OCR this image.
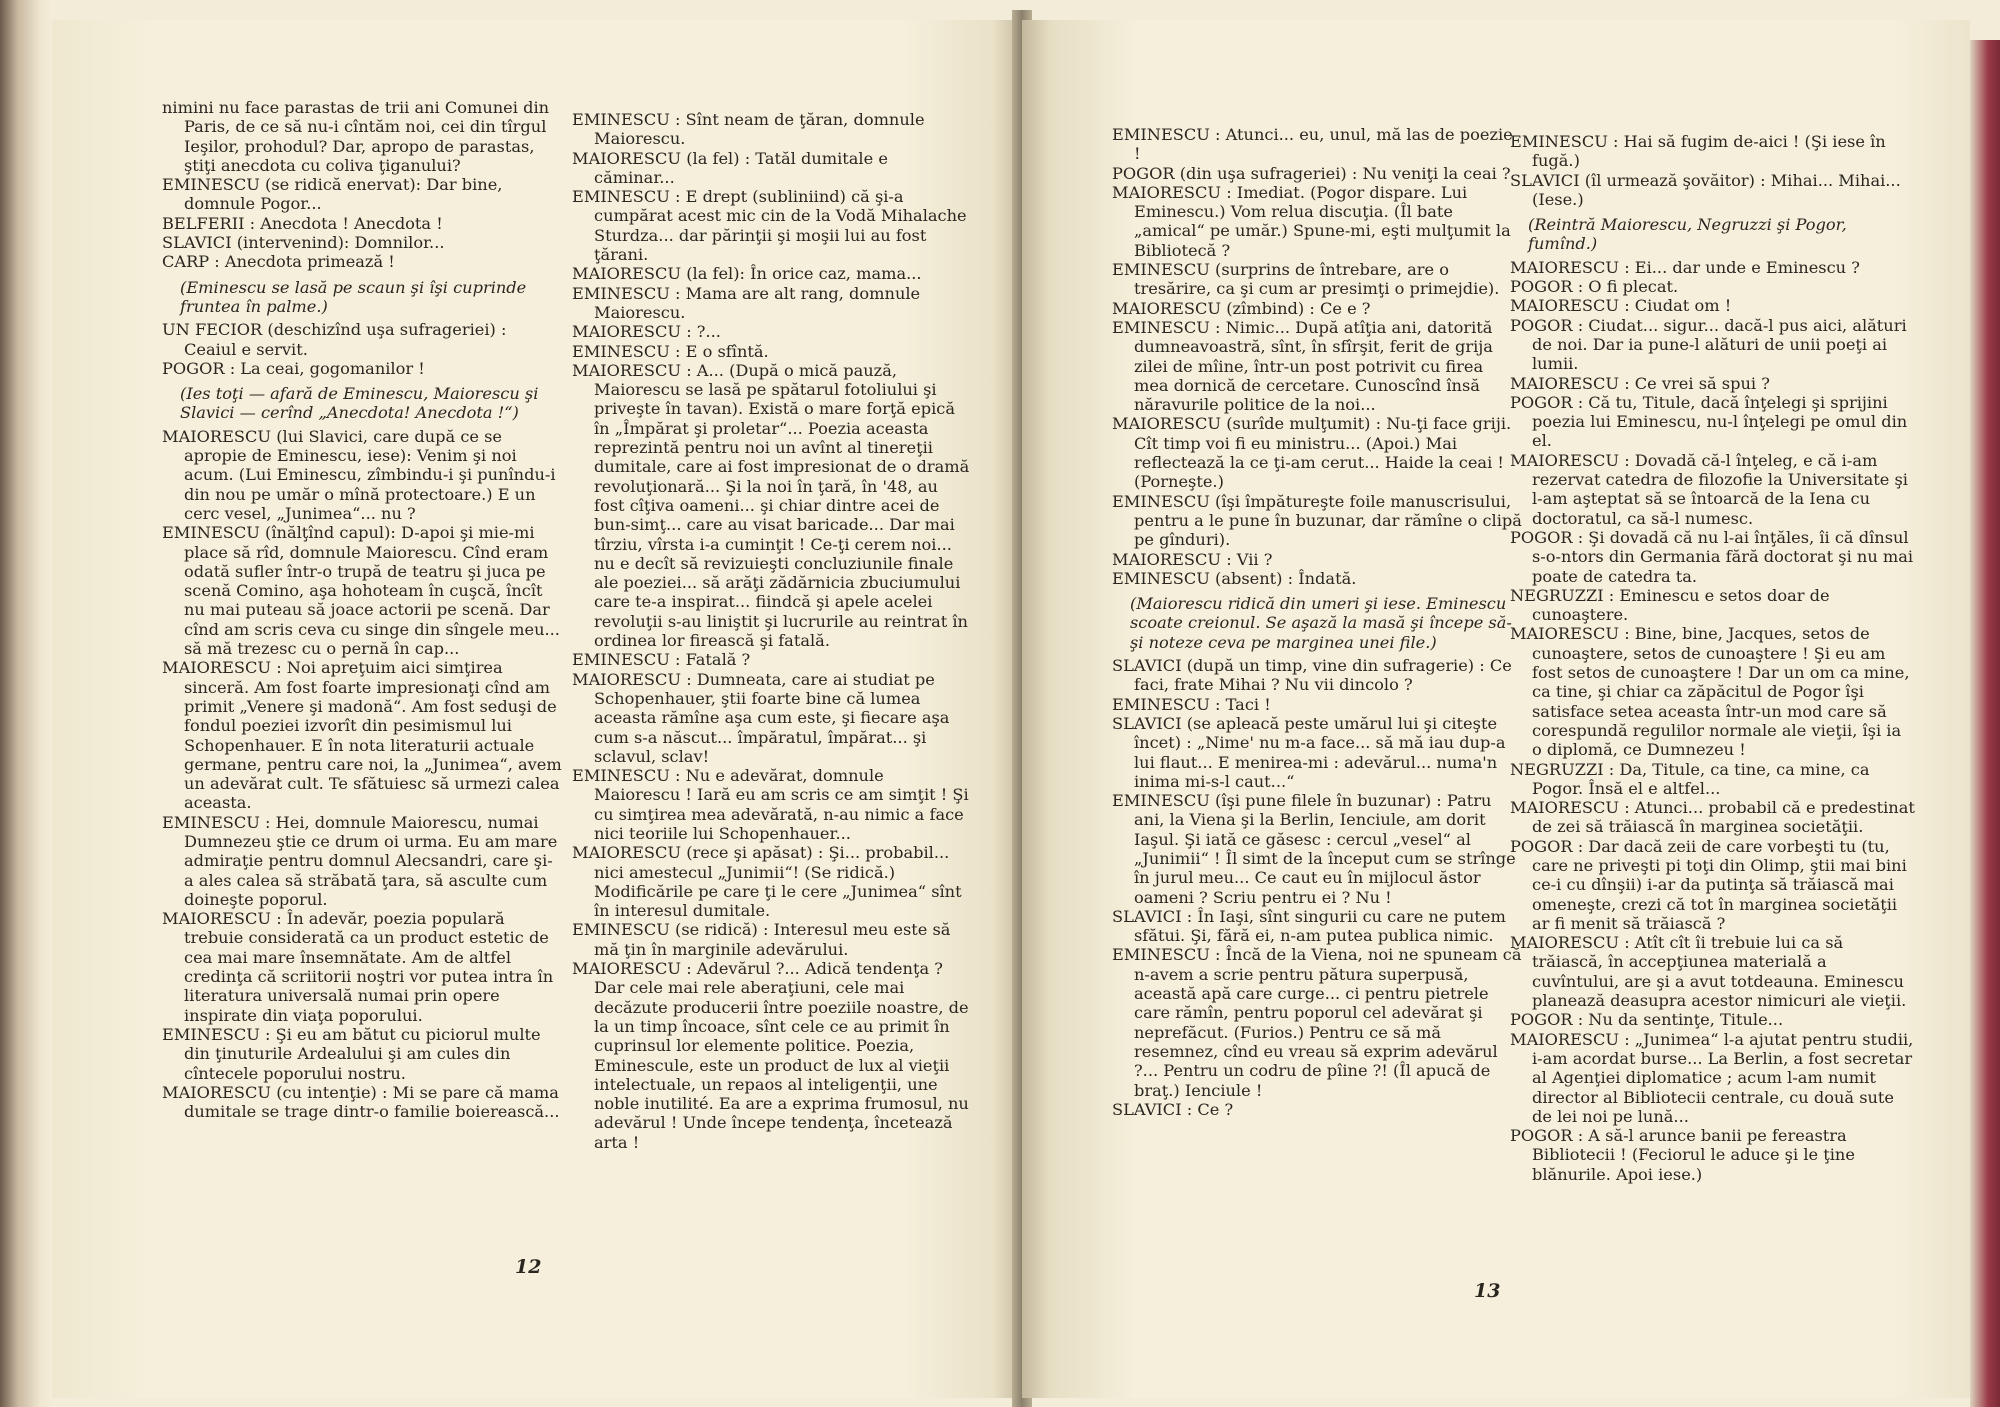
nimini nu face parastas de trii ani Comunei din Paris, de ce să nu-i cîntăm noi, cei din tîrgul Ieşilor, prohodul? Dar, apropo de parastas, ştiţi anecdota cu coliva ţiganului?

EMINESCU (se ridică enervat): Dar bine, domnule Pogor...

BELFERII : Anecdota ! Anecdota !

SLAVICI (intervenind): Domnilor...

CARP : Anecdota primează !

(Eminescu se lasă pe scaun şi îşi cuprinde fruntea în palme.)

UN FECIOR (deschizînd uşa sufrageriei) : Ceaiul e servit.

POGOR : La ceai, gogomanilor !

(Ies toţi — afară de Eminescu, Maiorescu şi Slavici — cerînd „Anecdota! Anecdota !“)

MAIORESCU (lui Slavici, care după ce se apropie de Eminescu, iese): Venim şi noi acum. (Lui Eminescu, zîmbindu-i şi punîndu-i din nou pe umăr o mînă protectoare.) E un cerc vesel, „Junimea“... nu ?

EMINESCU (înălţînd capul): D-apoi şi mie-mi place să rîd, domnule Maiorescu. Cînd eram odată sufler într-o trupă de teatru şi juca pe scenă Comino, aşa hohoteam în cuşcă, încît nu mai puteau să joace actorii pe scenă. Dar cînd am scris ceva cu singe din sîngele meu... să mă trezesc cu o pernă în cap...

MAIORESCU : Noi apreţuim aici simţirea sinceră. Am fost foarte impresionaţi cînd am primit „Venere şi madonă“. Am fost seduşi de fondul poeziei izvorît din pesimismul lui Schopenhauer. E în nota literaturii actuale germane, pentru care noi, la „Junimea“, avem un adevărat cult. Te sfătuiesc să urmezi calea aceasta.

EMINESCU : Hei, domnule Maiorescu, numai Dumnezeu ştie ce drum oi urma. Eu am mare admiraţie pentru domnul Alecsandri, care şi-a ales calea să străbată ţara, să asculte cum doineşte poporul.

MAIORESCU : În adevăr, poezia populară trebuie considerată ca un product estetic de cea mai mare însemnătate. Am de altfel credinţa că scriitorii noştri vor putea intra în literatura universală numai prin opere inspirate din viaţa poporului.

EMINESCU : Şi eu am bătut cu piciorul multe din ţinuturile Ardealului şi am cules din cîntecele poporului nostru.

MAIORESCU (cu intenţie) : Mi se pare că mama dumitale se trage dintr-o familie boierească...

EMINESCU : Sînt neam de ţăran, domnule Maiorescu.

MAIORESCU (la fel) : Tatăl dumitale e căminar...

EMINESCU : E drept (subliniind) că şi-a cumpărat acest mic cin de la Vodă Mihalache Sturdza... dar părinţii şi moşii lui au fost ţărani.

MAIORESCU (la fel): În orice caz, mama...

EMINESCU : Mama are alt rang, domnule Maiorescu.

MAIORESCU : ?...

EMINESCU : E o sfîntă.

MAIORESCU : A... (După o mică pauză, Maiorescu se lasă pe spătarul fotoliului şi priveşte în tavan). Există o mare forţă epică în „Împărat şi proletar“... Poezia aceasta reprezintă pentru noi un avînt al tinereţii dumitale, care ai fost impresionat de o dramă revoluţionară... Şi la noi în ţară, în '48, au fost cîţiva oameni... şi chiar dintre acei de bun-simţ... care au visat baricade... Dar mai tîrziu, vîrsta i-a cuminţit ! Ce-ţi cerem noi... nu e decît să revizuieşti concluziunile finale ale poeziei... să arăţi zădărnicia zbuciumului care te-a inspirat... fiindcă şi apele acelei revoluţii s-au liniştit şi lucrurile au reintrat în ordinea lor firească şi fatală.

EMINESCU : Fatală ?

MAIORESCU : Dumneata, care ai studiat pe Schopenhauer, ştii foarte bine că lumea aceasta rămîne aşa cum este, şi fiecare aşa cum s-a născut... împăratul, împărat... şi sclavul, sclav!

EMINESCU : Nu e adevărat, domnule Maiorescu ! Iară eu am scris ce am simţit ! Şi cu simţirea mea adevărată, n-au nimic a face nici teoriile lui Schopenhauer...

MAIORESCU (rece şi apăsat) : Şi... probabil... nici amestecul „Junimii“! (Se ridică.) Modificările pe care ţi le cere „Junimea“ sînt în interesul dumitale.

EMINESCU (se ridică) : Interesul meu este să mă ţin în marginile adevărului.

MAIORESCU : Adevărul ?... Adică tendenţa ? Dar cele mai rele aberaţiuni, cele mai decăzute producerii între poeziile noastre, de la un timp încoace, sînt cele ce au primit în cuprinsul lor elemente politice. Poezia, Eminescule, este un product de lux al vieţii intelectuale, un repaos al inteligenţii, une noble inutilité. Ea are a exprima frumosul, nu adevărul ! Unde începe tendenţa, încetează arta !

12

EMINESCU : Atunci... eu, unul, mă las de poezie !

POGOR (din uşa sufrageriei) : Nu veniţi la ceai ?

MAIORESCU : Imediat. (Pogor dispare. Lui Eminescu.) Vom relua discuţia. (Îl bate „amical“ pe umăr.) Spune-mi, eşti mulţumit la Bibliotecă ?

EMINESCU (surprins de întrebare, are o tresărire, ca şi cum ar presimţi o primejdie).

MAIORESCU (zîmbind) : Ce e ?

EMINESCU : Nimic... După atîţia ani, datorită dumneavoastră, sînt, în sfîrşit, ferit de grija zilei de mîine, într-un post potrivit cu firea mea dornică de cercetare. Cunoscînd însă năravurile politice de la noi...

MAIORESCU (surîde mulţumit) : Nu-ţi face griji. Cît timp voi fi eu ministru... (Apoi.) Mai reflectează la ce ţi-am cerut... Haide la ceai ! (Porneşte.)

EMINESCU (îşi împătureşte foile manuscrisului, pentru a le pune în buzunar, dar rămîne o clipă pe gînduri).

MAIORESCU : Vii ?

EMINESCU (absent) : Îndată.

(Maiorescu ridică din umeri şi iese. Eminescu scoate creionul. Se aşază la masă şi începe să-şi noteze ceva pe marginea unei file.)

SLAVICI (după un timp, vine din sufragerie) : Ce faci, frate Mihai ? Nu vii dincolo ?

EMINESCU : Taci !

SLAVICI (se apleacă peste umărul lui şi citeşte încet) : „Nime' nu m-a face... să mă iau dup-a lui flaut... E menirea-mi : adevărul... numa'n inima mi-s-l caut...“

EMINESCU (îşi pune filele în buzunar) : Patru ani, la Viena şi la Berlin, Ienciule, am dorit Iaşul. Şi iată ce găsesc : cercul „vesel“ al „Junimii“ ! Îl simt de la început cum se strînge în jurul meu... Ce caut eu în mijlocul ăstor oameni ? Scriu pentru ei ? Nu !

SLAVICI : În Iaşi, sînt singurii cu care ne putem sfătui. Şi, fără ei, n-am putea publica nimic.

EMINESCU : Încă de la Viena, noi ne spuneam că n-avem a scrie pentru pătura superpusă, această apă care curge... ci pentru pietrele care rămîn, pentru poporul cel adevărat şi neprefăcut. (Furios.) Pentru ce să mă resemnez, cînd eu vreau să exprim adevărul ?... Pentru un codru de pîine ?! (Îl apucă de braţ.) Ienciule !

SLAVICI : Ce ?

EMINESCU : Hai să fugim de-aici ! (Şi iese în fugă.)

SLAVICI (îl urmează şovăitor) : Mihai... Mihai... (Iese.)

(Reintră Maiorescu, Negruzzi şi Pogor, fumînd.)

MAIORESCU : Ei... dar unde e Eminescu ?

POGOR : O fi plecat.

MAIORESCU : Ciudat om !

POGOR : Ciudat... sigur... dacă-l pus aici, alături de noi. Dar ia pune-l alături de unii poeţi ai lumii.

MAIORESCU : Ce vrei să spui ?

POGOR : Că tu, Titule, dacă înţelegi şi sprijini poezia lui Eminescu, nu-l înţelegi pe omul din el.

MAIORESCU : Dovadă că-l înţeleg, e că i-am rezervat catedra de filozofie la Universitate şi l-am aşteptat să se întoarcă de la Iena cu doctoratul, ca să-l numesc.

POGOR : Şi dovadă că nu l-ai înţăles, îi că dînsul s-o-ntors din Germania fără doctorat şi nu mai poate de catedra ta.

NEGRUZZI : Eminescu e setos doar de cunoaştere.

MAIORESCU : Bine, bine, Jacques, setos de cunoaştere, setos de cunoaştere ! Şi eu am fost setos de cunoaştere ! Dar un om ca mine, ca tine, şi chiar ca zăpăcitul de Pogor îşi satisface setea aceasta într-un mod care să corespundă regulilor normale ale vieţii, îşi ia o diplomă, ce Dumnezeu !

NEGRUZZI : Da, Titule, ca tine, ca mine, ca Pogor. Însă el e altfel...

MAIORESCU : Atunci... probabil că e predestinat de zei să trăiască în marginea societăţii.

POGOR : Dar dacă zeii de care vorbeşti tu (tu, care ne priveşti pi toţi din Olimp, ştii mai bini ce-i cu dînşii) i-ar da putinţa să trăiască mai omeneşte, crezi că tot în marginea societăţii ar fi menit să trăiască ?

MAIORESCU : Atît cît îi trebuie lui ca să trăiască, în accepţiunea materială a cuvîntului, are şi a avut totdeauna. Eminescu planează deasupra acestor nimicuri ale vieţii.

POGOR : Nu da sentinţe, Titule...

MAIORESCU : „Junimea“ l-a ajutat pentru studii, i-am acordat burse... La Berlin, a fost secretar al Agenţiei diplomatice ; acum l-am numit director al Bibliotecii centrale, cu două sute de lei noi pe lună...

POGOR : A să-l arunce banii pe fereastra Bibliotecii ! (Feciorul le aduce şi le ţine blănurile. Apoi iese.)

13
